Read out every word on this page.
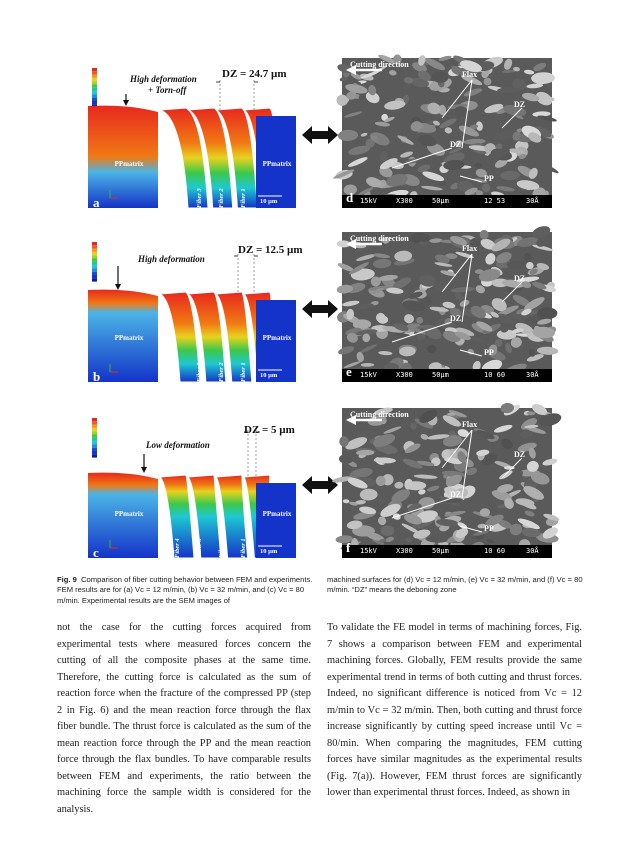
High deformation
+ Torn-off
DZ = 24.7 µm
PPmatrix	PPmatrix
Fiber 4 Fiber 3 Fiber 2 Fiber 1 10 µm
a
Cutting direction
Flax
DZ
DZ
PP
15kV	X300	50µm	12 53	30Å
d
High deformation
DZ = 12.5 µm
PPmatrix	PPmatrix
Fiber 4 Fiber 3 Fiber 2 Fiber 1 10 µm
b
Cutting direction
Flax
DZ
DZ
PP
15kV	X300	50µm	10 60	30Å
e
Low deformation
DZ = 5 µm
PPmatrix	PPmatrix
Fiber 4 Fiber 3 Fiber 2 Fiber 1 10 µm
c
Cutting direction
Flax
DZ
DZ
PP
15kV	X300	50µm	10 60	30Å
f
Fig. 9 Comparison of fiber cutting behavior between FEM and experiments. FEM results are for (a) Vc = 12 m/min, (b) Vc = 32 m/min, and (c) Vc = 80 m/min. Experimental results are the SEM images of
machined surfaces for (d) Vc = 12 m/min, (e) Vc = 32 m/min, and (f) Vc = 80 m/min. “DZ” means the deboning zone
not the case for the cutting forces acquired from experimental tests where measured forces concern the cutting of all the composite phases at the same time. Therefore, the cutting force is calculated as the sum of reaction force when the fracture of the compressed PP (step 2 in Fig. 6) and the mean reaction force through the flax fiber bundle. The thrust force is calculated as the sum of the mean reaction force through the PP and the mean reaction force through the flax bundles. To have comparable results between FEM and experiments, the ratio between the machining force the sample width is considered for the analysis.
To validate the FE model in terms of machining forces, Fig. 7 shows a comparison between FEM and experimental machining forces. Globally, FEM results provide the same experimental trend in terms of both cutting and thrust forces. Indeed, no significant difference is noticed from Vc = 12 m/min to Vc = 32 m/min. Then, both cutting and thrust force increase significantly by cutting speed increase until Vc = 80/min. When comparing the magnitudes, FEM cutting forces have similar magnitudes as the experimental results (Fig. 7(a)). However, FEM thrust forces are significantly lower than experimental thrust forces. Indeed, as shown in
